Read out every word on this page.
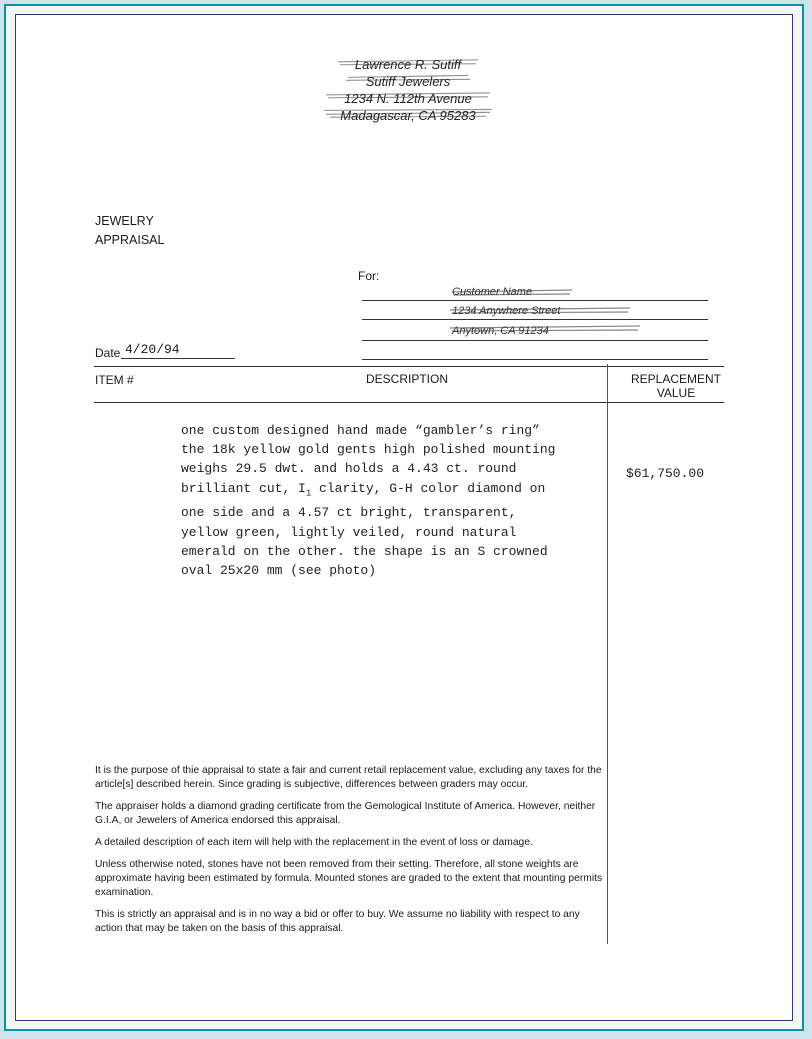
Lawrence R. Sutiff
Sutiff Jewelers
1234 N. 112th Avenue
Madagascar, CA 95283
JEWELRY
APPRAISAL
For:
Customer Name
1234 Anywhere Street
Anytown, CA 91234
Date 4/20/94
ITEM #	DESCRIPTION	REPLACEMENT
VALUE
one custom designed hand made “gambler’s ring”
the 18k yellow gold gents high polished mounting
weighs 29.5 dwt. and holds a 4.43 ct. round
brilliant cut, $I_1$ clarity, G-H color diamond on
one side and a 4.57 ct bright, transparent,
yellow green, lightly veiled, round natural
emerald on the other. the shape is an S crowned
oval 25x20 mm (see photo)
$61,750.00

It is the purpose of thie appraisal to state a fair and current retail replacement value, excluding any taxes for the article[s] described herein. Since grading is subjective, differences between graders may occur.

The appraiser holds a diamond grading certificate from the Gemological Institute of America. However, neither G.I.A, or Jewelers of America endorsed this appraisal.

A detailed description of each item will help with the replacement in the event of loss or damage.

Unless otherwise noted, stones have not been removed from their setting. Therefore, all stone weights are approximate having been estimated by formula. Mounted stones are graded to the extent that mounting permits examination.

This is strictly an appraisal and is in no way a bid or offer to buy. We assume no liability with respect to any action that may be taken on the basis of this appraisal.
